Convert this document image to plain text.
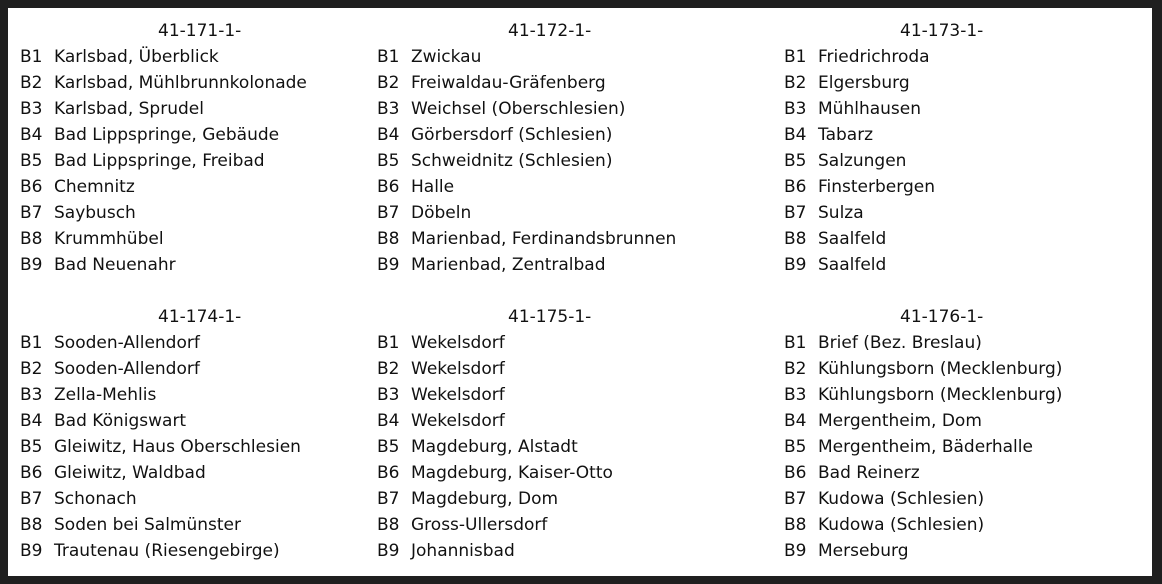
41-171-1-
B1 Karlsbad, Überblick
B2 Karlsbad, Mühlbrunnkolonade
B3 Karlsbad, Sprudel
B4 Bad Lippspringe, Gebäude
B5 Bad Lippspringe, Freibad
B6 Chemnitz
B7 Saybusch
B8 Krummhübel
B9 Bad Neuenahr
41-172-1-
B1 Zwickau
B2 Freiwaldau-Gräfenberg
B3 Weichsel (Oberschlesien)
B4 Görbersdorf (Schlesien)
B5 Schweidnitz (Schlesien)
B6 Halle
B7 Döbeln
B8 Marienbad, Ferdinandsbrunnen
B9 Marienbad, Zentralbad
41-173-1-
B1 Friedrichroda
B2 Elgersburg
B3 Mühlhausen
B4 Tabarz
B5 Salzungen
B6 Finsterbergen
B7 Sulza
B8 Saalfeld
B9 Saalfeld
41-174-1-
B1 Sooden-Allendorf
B2 Sooden-Allendorf
B3 Zella-Mehlis
B4 Bad Königswart
B5 Gleiwitz, Haus Oberschlesien
B6 Gleiwitz, Waldbad
B7 Schonach
B8 Soden bei Salmünster
B9 Trautenau (Riesengebirge)
41-175-1-
B1 Wekelsdorf
B2 Wekelsdorf
B3 Wekelsdorf
B4 Wekelsdorf
B5 Magdeburg, Alstadt
B6 Magdeburg, Kaiser-Otto
B7 Magdeburg, Dom
B8 Gross-Ullersdorf
B9 Johannisbad
41-176-1-
B1 Brief (Bez. Breslau)
B2 Kühlungsborn (Mecklenburg)
B3 Kühlungsborn (Mecklenburg)
B4 Mergentheim, Dom
B5 Mergentheim, Bäderhalle
B6 Bad Reinerz
B7 Kudowa (Schlesien)
B8 Kudowa (Schlesien)
B9 Merseburg
